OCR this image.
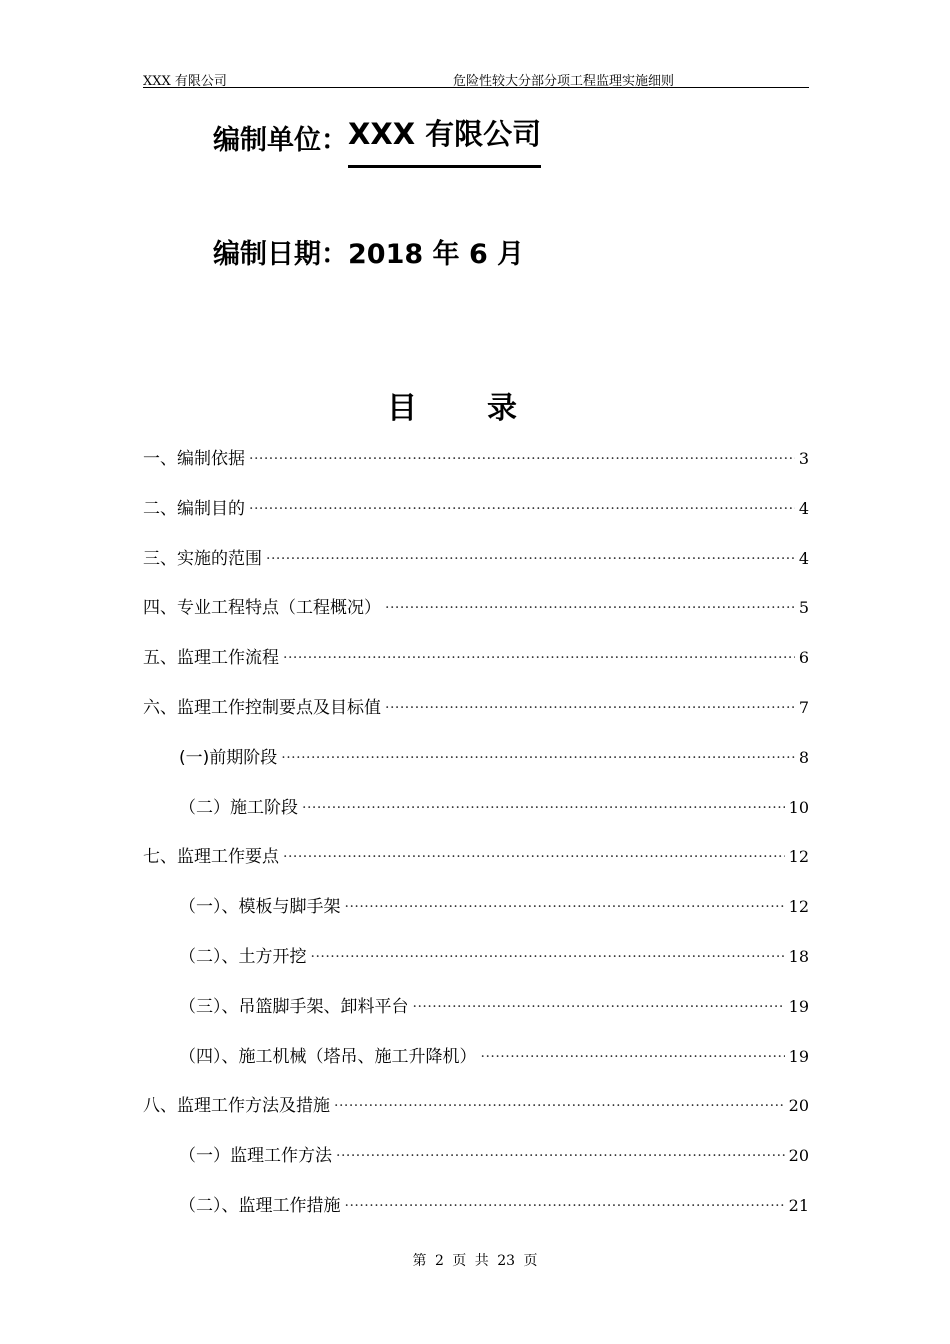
XXX 有限公司	危险性较大分部分项工程监理实施细则
编制单位：XXX 有限公司
编制日期：2018 年 6 月
目录
一、编制依据 ·····	3
二、编制目的 ·····	4
三、实施的范围 ·····	4
四、专业工程特点（工程概况） ·····	5
五、监理工作流程 ·····	6
六、监理工作控制要点及目标值 ·····	7
(一)前期阶段 ·····	8
（二）施工阶段 ·····	10
七、监理工作要点 ·····	12
（一）、模板与脚手架 ·····	12
（二）、土方开挖 ·····	18
（三）、吊篮脚手架、卸料平台 ·····	19
（四）、施工机械（塔吊、施工升降机） ·····	19
八、监理工作方法及措施 ·····	20
（一）监理工作方法 ·····	20
（二）、监理工作措施 ·····	21
第 2 页 共 23 页
